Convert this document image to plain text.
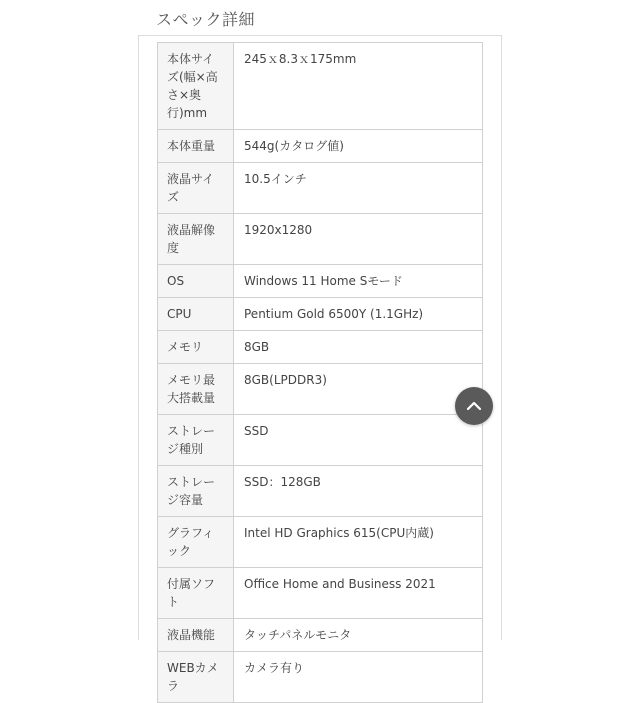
スペック詳細
本体サイズ(幅×高さ×奥行)mm	245ｘ8.3ｘ175mm
本体重量	544g(カタログ値)
液晶サイズ	10.5インチ
液晶解像度	1920x1280
OS	Windows 11 Home Sモード
CPU	Pentium Gold 6500Y (1.1GHz)
メモリ	8GB
メモリ最大搭載量	8GB(LPDDR3)
ストレージ種別	SSD
ストレージ容量	SSD：128GB
グラフィック	Intel HD Graphics 615(CPU内蔵)
付属ソフト	Office Home and Business 2021
液晶機能	タッチパネルモニタ
WEBカメラ	カメラ有り
